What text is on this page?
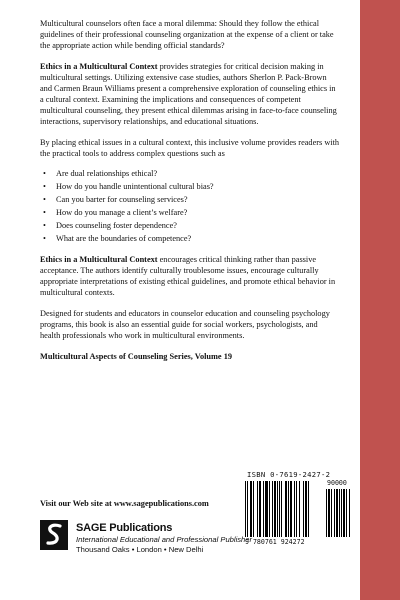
Multicultural counselors often face a moral dilemma: Should they follow the ethical guidelines of their professional counseling organization at the expense of a client or take the appropriate action while bending official standards?

Ethics in a Multicultural Context provides strategies for critical decision making in multicultural settings. Utilizing extensive case studies, authors Sherlon P. Pack-Brown and Carmen Braun Williams present a comprehensive exploration of counseling ethics in a cultural context. Examining the implications and consequences of competent multicultural counseling, they present ethical dilemmas arising in face-to-face counseling interactions, supervisory relationships, and educational situations.

By placing ethical issues in a cultural context, this inclusive volume provides readers with the practical tools to address complex questions such as

• Are dual relationships ethical?
• How do you handle unintentional cultural bias?
• Can you barter for counseling services?
• How do you manage a client’s welfare?
• Does counseling foster dependence?
• What are the boundaries of competence?

Ethics in a Multicultural Context encourages critical thinking rather than passive acceptance. The authors identify culturally troublesome issues, encourage culturally appropriate interpretations of existing ethical guidelines, and promote ethical behavior in multicultural contexts.

Designed for students and educators in counselor education and counseling psychology programs, this book is also an essential guide for social workers, psychologists, and health professionals who work in multicultural environments.

Multicultural Aspects of Counseling Series, Volume 19

Visit our Web site at www.sagepublications.com
ISBN 0-7619-2427-2
9 780761 924272
90000
SAGE Publications
International Educational and Professional Publisher
Thousand Oaks • London • New Delhi
